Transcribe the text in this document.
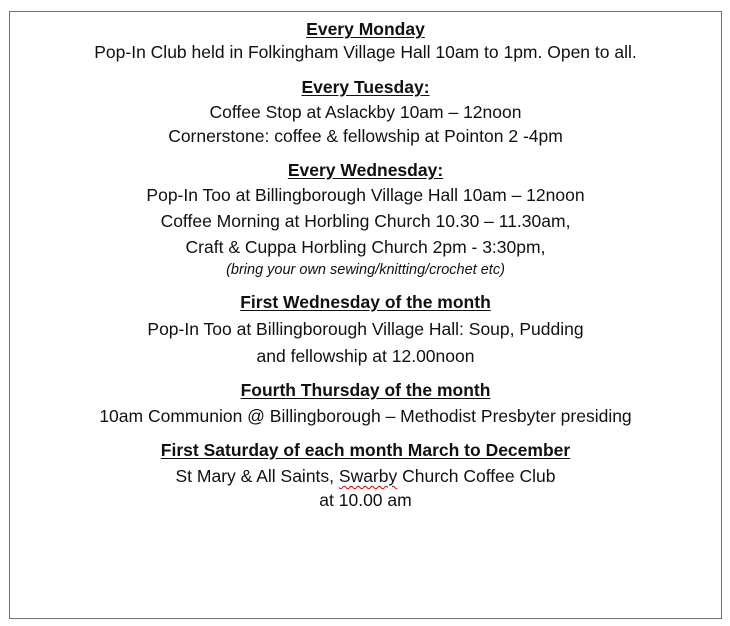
Every Monday

Pop-In Club held in Folkingham Village Hall 10am to 1pm. Open to all.

Every Tuesday:

Coffee Stop at Aslackby 10am – 12noon

Cornerstone: coffee & fellowship at Pointon 2 -4pm

Every Wednesday:

Pop-In Too at Billingborough Village Hall 10am – 12noon

Coffee Morning at Horbling Church 10.30 – 11.30am,

Craft & Cuppa Horbling Church 2pm - 3:30pm,

(bring your own sewing/knitting/crochet etc)

First Wednesday of the month

Pop-In Too at Billingborough Village Hall: Soup, Pudding

and fellowship at 12.00noon

Fourth Thursday of the month

10am Communion @ Billingborough – Methodist Presbyter presiding

First Saturday of each month March to December

St Mary & All Saints, Swarby Church Coffee Club

at 10.00 am
